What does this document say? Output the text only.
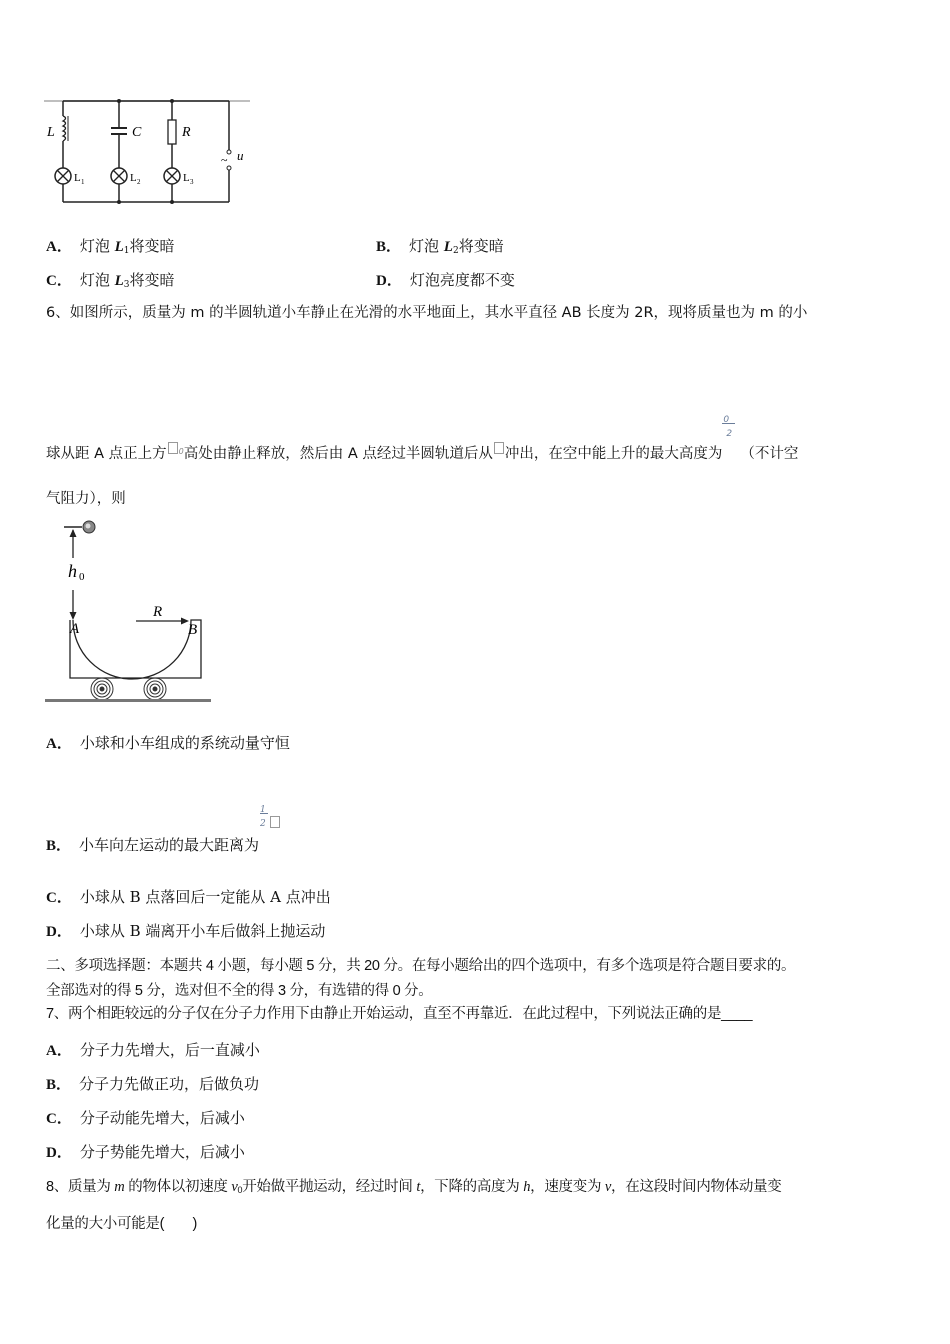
L
L 1
C
L 2
R
L 3
~ u
A． 灯泡 $L_1$将变暗	B． 灯泡 $L_2$将变暗
C． 灯泡 $L_3$将变暗	D． 灯泡亮度都不变
6、如图所示，质量为 m 的半圆轨道小车静止在光滑的水平地面上，其水平直径 AB 长度为 2R，现将质量也为 m 的小
球从距 A 点正上方 $^0$高处由静止释放，然后由 A 点经过半圆轨道后从 冲出，在空中能上升的最大高度为
0
2
（不计空
气阻力），则
h 0
A	B
R
A． 小球和小车组成的系统动量守恒
B． 小车向左运动的最大距离为
1
2
C． 小球从 B 点落回后一定能从 A 点冲出
D． 小球从 B 端离开小车后做斜上抛运动
二、多项选择题：本题共 4 小题，每小题 5 分，共 20 分。在每小题给出的四个选项中，有多个选项是符合题目要求的。
全部选对的得 5 分，选对但不全的得 3 分，有选错的得 0 分。
7、两个相距较远的分子仅在分子力作用下由静止开始运动，直至不再靠近．在此过程中，下列说法正确的是____
A． 分子力先增大，后一直减小
B． 分子力先做正功，后做负功
C． 分子动能先增大，后减小
D． 分子势能先增大，后减小
8、质量为 m 的物体以初速度 $v_0$开始做平抛运动，经过时间 t，下降的高度为 h，速度变为 v，在这段时间内物体动量变
化量的大小可能是(　　)
